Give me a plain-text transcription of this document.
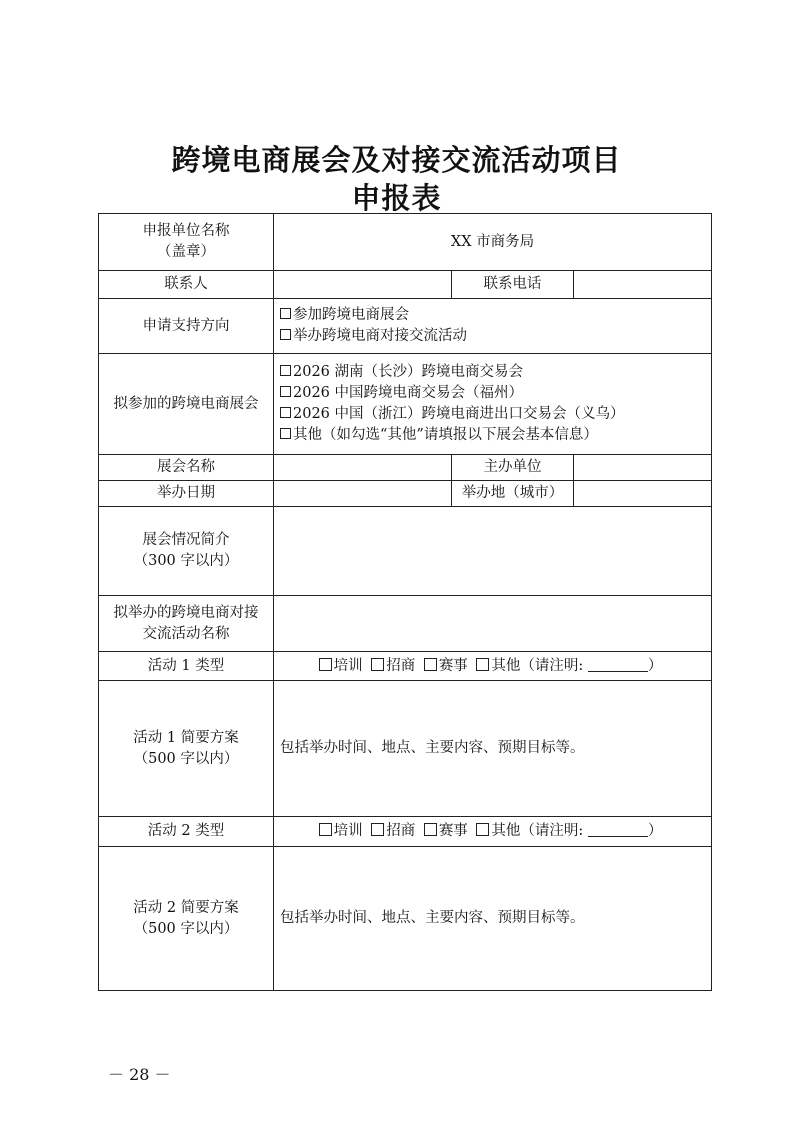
跨境电商展会及对接交流活动项目
申报表
申报单位名称
（盖章）	XX 市商务局		
联系人		联系电话	
申请支持方向	参加跨境电商展会
举办跨境电商对接交流活动		

拟参加的跨境电商展会	2026 湖南（长沙）跨境电商交易会
2026 中国跨境电商交易会（福州）
2026 中国（浙江）跨境电商进出口交易会（义乌）
其他（如勾选“其他”请填报以下展会基本信息）		

展会名称		主办单位	
举办日期		举办地（城市）	

展会情况简介
（300 字以内）			

拟举办的跨境电商对接
交流活动名称			

活动 1 类型	培训 招商 赛事 其他（请注明: ）		

活动 1 简要方案
（500 字以内）	包括举办时间、地点、主要内容、预期目标等。		
活动 2 类型	培训 招商 赛事 其他（请注明: ）		

活动 2 简要方案
（500 字以内）	包括举办时间、地点、主要内容、预期目标等。		
－ 28 －
